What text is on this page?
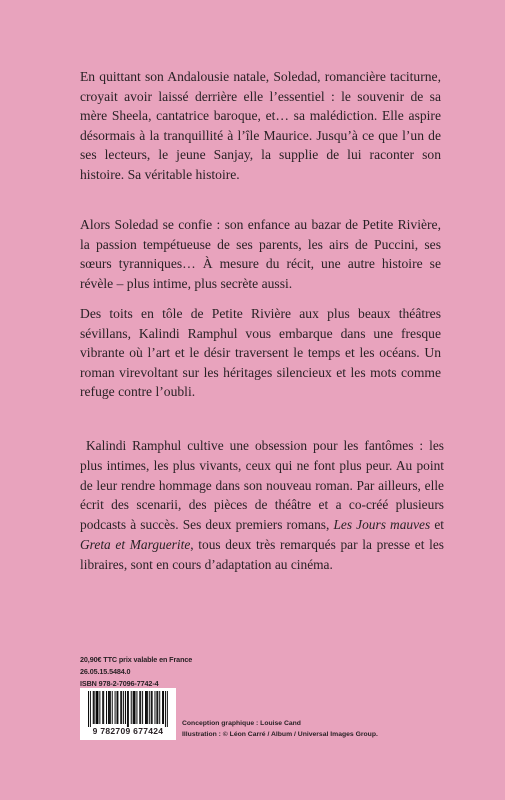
En quittant son Andalousie natale, Soledad, romancière taciturne, croyait avoir laissé derrière elle l’essentiel : le souvenir de sa mère Sheela, cantatrice baroque, et… sa malédiction. Elle aspire désormais à la tranquillité à l’île Maurice. Jusqu’à ce que l’un de ses lecteurs, le jeune Sanjay, la supplie de lui raconter son histoire. Sa véritable histoire.

Alors Soledad se confie : son enfance au bazar de Petite Rivière, la passion tempétueuse de ses parents, les airs de Puccini, ses sœurs tyranniques… À mesure du récit, une autre histoire se révèle – plus intime, plus secrète aussi.

Des toits en tôle de Petite Rivière aux plus beaux théâtres sévillans, Kalindi Ramphul vous embarque dans une fresque vibrante où l’art et le désir traversent le temps et les océans. Un roman virevoltant sur les héritages silencieux et les mots comme refuge contre l’oubli.

Kalindi Ramphul cultive une obsession pour les fantômes : les plus intimes, les plus vivants, ceux qui ne font plus peur. Au point de leur rendre hommage dans son nouveau roman. Par ailleurs, elle écrit des scenarii, des pièces de théâtre et a co-créé plusieurs podcasts à succès. Ses deux premiers romans, Les Jours mauves et Greta et Marguerite, tous deux très remarqués par la presse et les libraires, sont en cours d’adaptation au cinéma.

20,90€ TTC prix valable en France
26.05.15.5484.0
ISBN 978-2-7096-7742-4
9 782709 677424
Conception graphique : Louise Cand
Illustration : © Léon Carré / Album / Universal Images Group.
